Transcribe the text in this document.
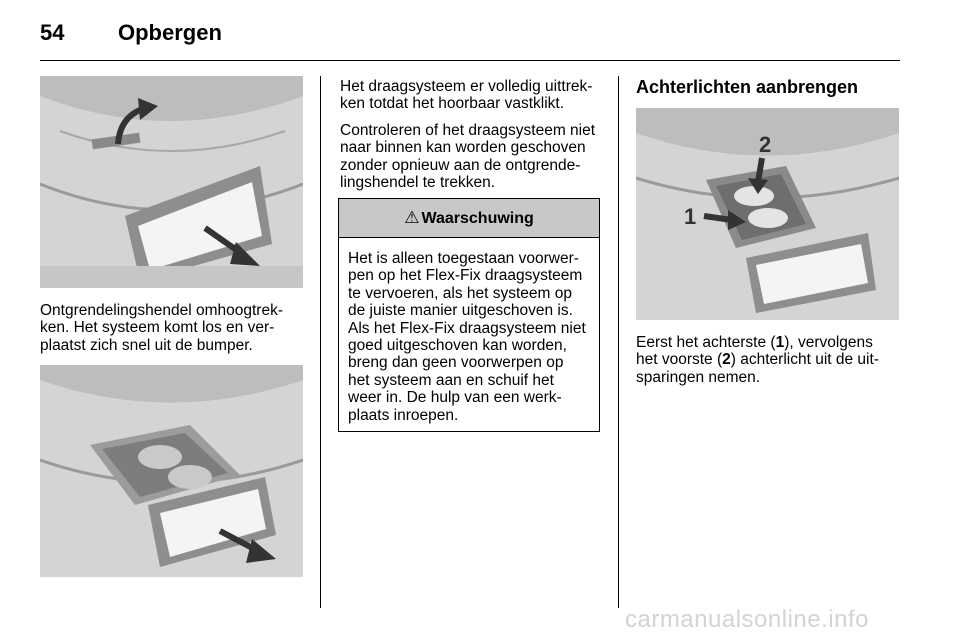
54 Opbergen
Ontgrendelingshendel omhoogtrek-
ken. Het systeem komt los en ver-
plaatst zich snel uit de bumper.
Het draagsysteem er volledig uittrek-
ken totdat het hoorbaar vastklikt.
Controleren of het draagsysteem niet
naar binnen kan worden geschoven
zonder opnieuw aan de ontgrende-
lingshendel te trekken.
⚠ Waarschuwing
Het is alleen toegestaan voorwer-
pen op het Flex-Fix draagsysteem
te vervoeren, als het systeem op
de juiste manier uitgeschoven is.
Als het Flex-Fix draagsysteem niet
goed uitgeschoven kan worden,
breng dan geen voorwerpen op
het systeem aan en schuif het
weer in. De hulp van een werk-
plaats inroepen.
Achterlichten aanbrengen
1
2
Eerst het achterste (1), vervolgens
het voorste (2) achterlicht uit de uit-
sparingen nemen.
carmanualsonline.info
